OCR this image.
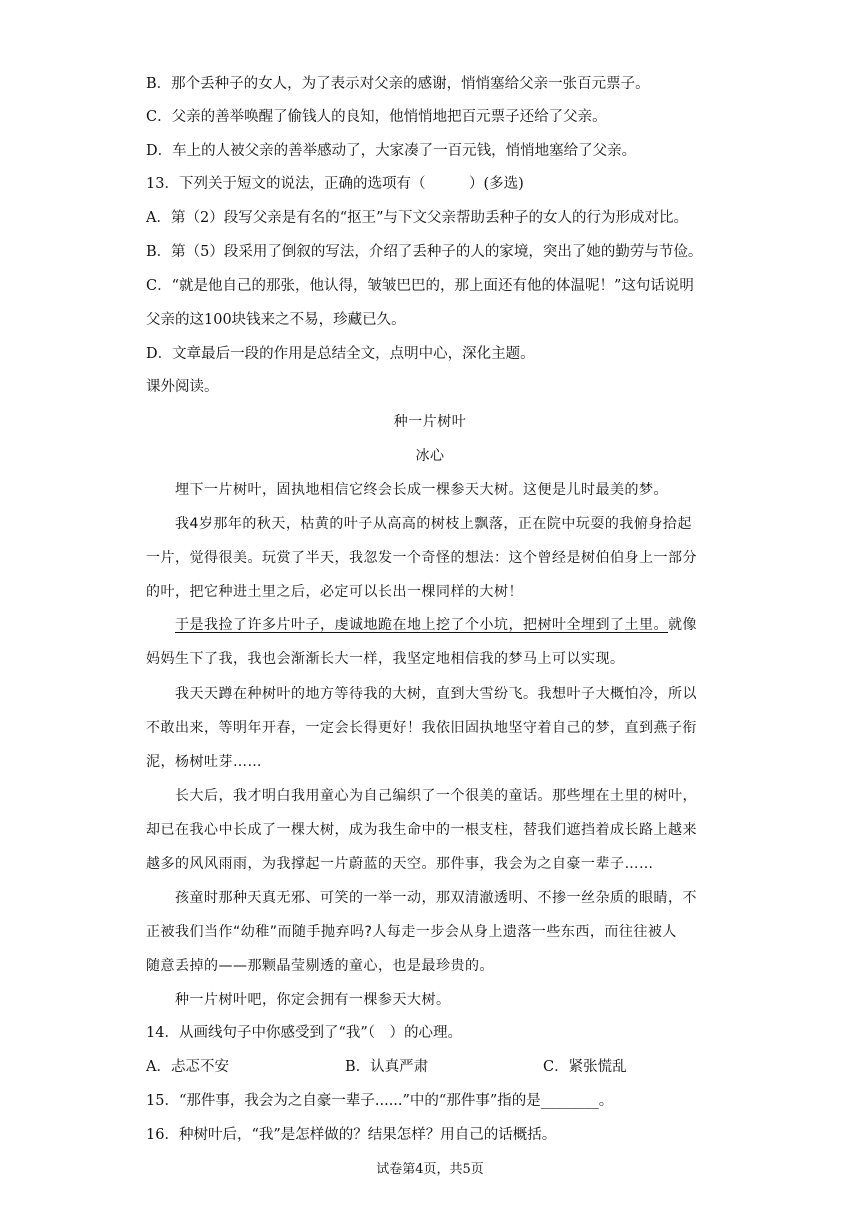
B．那个丢种子的女人，为了表示对父亲的感谢，悄悄塞给父亲一张百元票子。
C．父亲的善举唤醒了偷钱人的良知，他悄悄地把百元票子还给了父亲。
D．车上的人被父亲的善举感动了，大家凑了一百元钱，悄悄地塞给了父亲。
13．下列关于短文的说法，正确的选项有（　　　）(多选)
A．第（2）段写父亲是有名的“抠王”与下文父亲帮助丢种子的女人的行为形成对比。
B．第（5）段采用了倒叙的写法，介绍了丢种子的人的家境，突出了她的勤劳与节俭。
C．“就是他自己的那张，他认得，皱皱巴巴的，那上面还有他的体温呢！”这句话说明
父亲的这100块钱来之不易，珍藏已久。
D．文章最后一段的作用是总结全文，点明中心，深化主题。
课外阅读。
种一片树叶
冰心
埋下一片树叶，固执地相信它终会长成一棵参天大树。这便是儿时最美的梦。
我4岁那年的秋天，枯黄的叶子从高高的树枝上飘落，正在院中玩耍的我俯身拾起
一片，觉得很美。玩赏了半天，我忽发一个奇怪的想法：这个曾经是树伯伯身上一部分
的叶，把它种进土里之后，必定可以长出一棵同样的大树！
于是我捡了许多片叶子，虔诚地跪在地上挖了个小坑，把树叶全埋到了土里。就像
妈妈生下了我，我也会渐渐长大一样，我坚定地相信我的梦马上可以实现。
我天天蹲在种树叶的地方等待我的大树，直到大雪纷飞。我想叶子大概怕冷，所以
不敢出来，等明年开春，一定会长得更好！我依旧固执地坚守着自己的梦，直到燕子衔
泥，杨树吐芽……
长大后，我才明白我用童心为自己编织了一个很美的童话。那些埋在土里的树叶，
却已在我心中长成了一棵大树，成为我生命中的一根支柱，替我们遮挡着成长路上越来
越多的风风雨雨，为我撑起一片蔚蓝的天空。那件事，我会为之自豪一辈子……
孩童时那种天真无邪、可笑的一举一动，那双清澈透明、不掺一丝杂质的眼睛，不
正被我们当作“幼稚”而随手抛弃吗?人每走一步会从身上遗落一些东西，而往往被人
随意丢掉的——那颗晶莹剔透的童心，也是最珍贵的。
种一片树叶吧，你定会拥有一棵参天大树。
14．从画线句子中你感受到了“我”（　）的心理。
A．忐忑不安	B．认真严肃	C．紧张慌乱
15．“那件事，我会为之自豪一辈子......”中的“那件事”指的是________。
16．种树叶后，“我”是怎样做的？结果怎样？用自己的话概括。
试卷第4页，共5页
